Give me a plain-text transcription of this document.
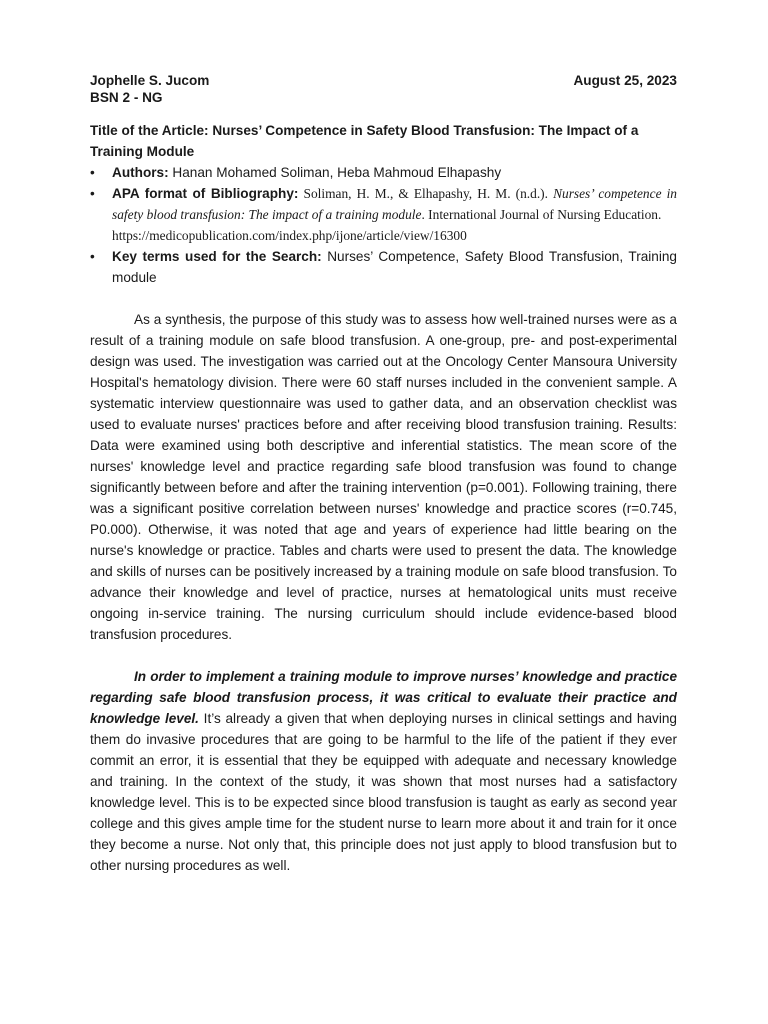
Jophelle S. Jucom	August 25, 2023
BSN 2 - NG
Title of the Article: Nurses’ Competence in Safety Blood Transfusion: The Impact of a Training Module
•	Authors: Hanan Mohamed Soliman, Heba Mahmoud Elhapashy
•	APA format of Bibliography: Soliman, H. M., & Elhapashy, H. M. (n.d.). Nurses’ competence in safety blood transfusion: The impact of a training module. International Journal of Nursing Education.
https://medicopublication.com/index.php/ijone/article/view/16300
•	Key terms used for the Search: Nurses’ Competence, Safety Blood Transfusion, Training module

As a synthesis, the purpose of this study was to assess how well-trained nurses were as a result of a training module on safe blood transfusion. A one-group, pre- and post-experimental design was used. The investigation was carried out at the Oncology Center Mansoura University Hospital's hematology division. There were 60 staff nurses included in the convenient sample. A systematic interview questionnaire was used to gather data, and an observation checklist was used to evaluate nurses' practices before and after receiving blood transfusion training. Results: Data were examined using both descriptive and inferential statistics. The mean score of the nurses' knowledge level and practice regarding safe blood transfusion was found to change significantly between before and after the training intervention (p=0.001). Following training, there was a significant positive correlation between nurses' knowledge and practice scores (r=0.745, P0.000). Otherwise, it was noted that age and years of experience had little bearing on the nurse's knowledge or practice. Tables and charts were used to present the data. The knowledge and skills of nurses can be positively increased by a training module on safe blood transfusion. To advance their knowledge and level of practice, nurses at hematological units must receive ongoing in-service training. The nursing curriculum should include evidence-based blood transfusion procedures.

In order to implement a training module to improve nurses’ knowledge and practice regarding safe blood transfusion process, it was critical to evaluate their practice and knowledge level. It’s already a given that when deploying nurses in clinical settings and having them do invasive procedures that are going to be harmful to the life of the patient if they ever commit an error, it is essential that they be equipped with adequate and necessary knowledge and training. In the context of the study, it was shown that most nurses had a satisfactory knowledge level. This is to be expected since blood transfusion is taught as early as second year college and this gives ample time for the student nurse to learn more about it and train for it once they become a nurse. Not only that, this principle does not just apply to blood transfusion but to other nursing procedures as well.
